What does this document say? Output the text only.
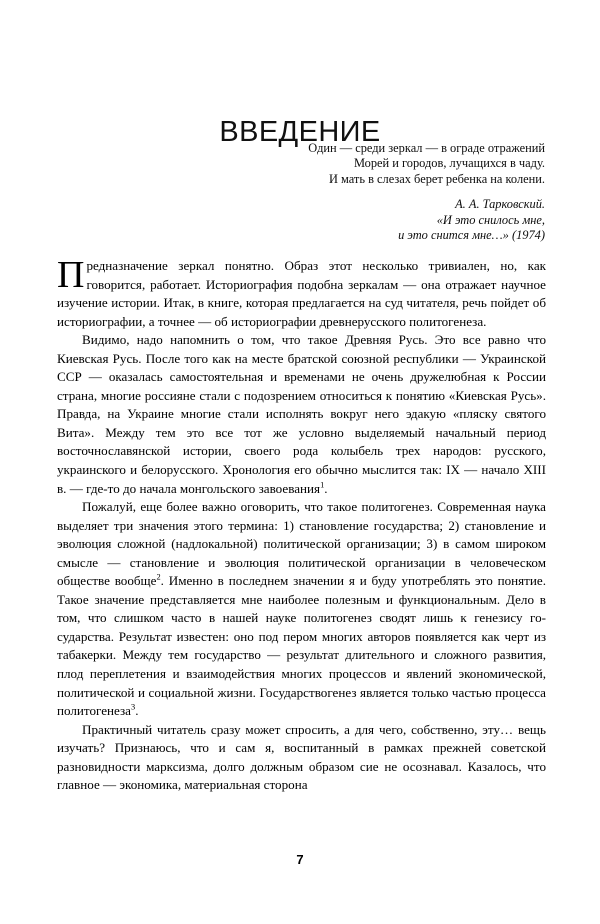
ВВЕДЕНИЕ
Один — среди зеркал — в ограде отражений
Морей и городов, лучащихся в чаду.
И мать в слезах берет ребенка на колени.
А. А. Тарковский.
«И это снилось мне,
и это снится мне…» (1974)

Предназначение зеркал понятно. Образ этот несколько тривиален, но, как говорится, работает. Историография подобна зеркалам — она отражает научное изучение истории. Итак, в книге, которая предлагается на суд читателя, речь пойдет об историографии, а точнее — об историографии древнерусского политогенеза.

Видимо, надо напомнить о том, что такое Древняя Русь. Это все равно что Киевская Русь. После того как на месте братской союзной республики — Украинской ССР — оказалась самостоятельная и временами не очень дружелюбная к России страна, многие россияне стали с подозрением относиться к понятию «Киевская Русь». Правда, на Украине многие стали исполнять вокруг него эдакую «пляску святого Вита». Между тем это все тот же условно выделяемый начальный период восточнославянской истории, своего рода колыбель трех народов: русского, украинского и белорусского. Хронология его обычно мыслится так: IX — начало XIII в. — где-то до начала монгольского завоевания$^1$.

Пожалуй, еще более важно оговорить, что такое политогенез. Современная наука выделяет три значения этого термина: 1) становление государства; 2) становление и эволюция сложной (надлокальной) политической организации; 3) в самом широком смысле — становление и эволюция политической организации в человеческом обществе вообще$^2$. Именно в последнем значении я и буду употреблять это понятие. Такое значение представляется мне наиболее полезным и функциональным. Дело в том, что слишком часто в нашей науке политогенез сводят лишь к генезису государства. Результат известен: оно под пером многих авторов появляется как черт из табакерки. Между тем государство — результат длительного и сложного развития, плод переплетения и взаимодействия многих процессов и явлений экономической, политической и социальной жизни. Государствогенез является только частью процесса политогенеза$^3$.

Практичный читатель сразу может спросить, а для чего, собственно, эту… вещь изучать? Признаюсь, что и сам я, воспитанный в рамках прежней советской разновидности марксизма, долго должным образом сие не осознавал. Казалось, что главное — экономика, материальная сторона

7
